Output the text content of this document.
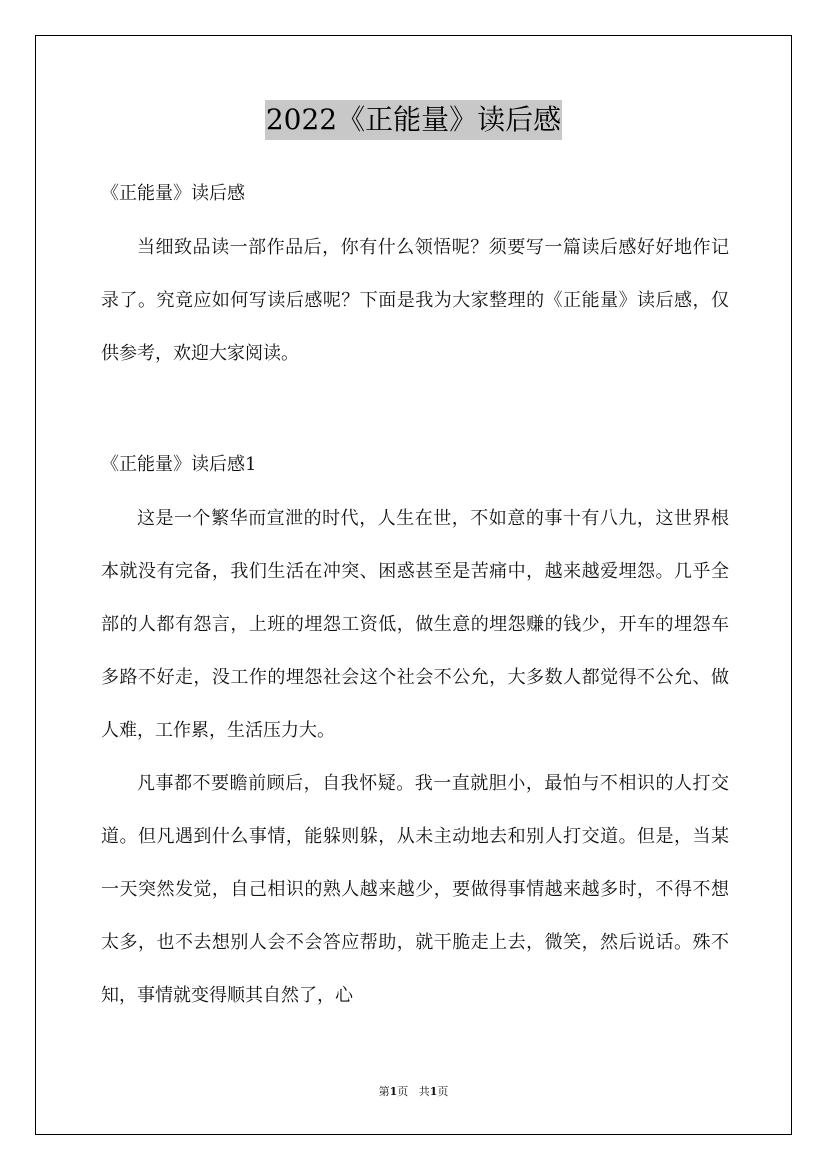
2022《正能量》读后感
《正能量》读后感

当细致品读一部作品后，你有什么领悟呢？须要写一篇读后感好好地作记录了。究竟应如何写读后感呢？下面是我为大家整理的《正能量》读后感，仅供参考，欢迎大家阅读。

《正能量》读后感1

这是一个繁华而宣泄的时代，人生在世，不如意的事十有八九，这世界根本就没有完备，我们生活在冲突、困惑甚至是苦痛中，越来越爱埋怨。几乎全部的人都有怨言，上班的埋怨工资低，做生意的埋怨赚的钱少，开车的埋怨车多路不好走，没工作的埋怨社会这个社会不公允，大多数人都觉得不公允、做人难，工作累，生活压力大。

凡事都不要瞻前顾后，自我怀疑。我一直就胆小，最怕与不相识的人打交道。但凡遇到什么事情，能躲则躲，从未主动地去和别人打交道。但是，当某一天突然发觉，自己相识的熟人越来越少，要做得事情越来越多时，不得不想太多，也不去想别人会不会答应帮助，就干脆走上去，微笑，然后说话。殊不知，事情就变得顺其自然了，心

第1页 共1页
